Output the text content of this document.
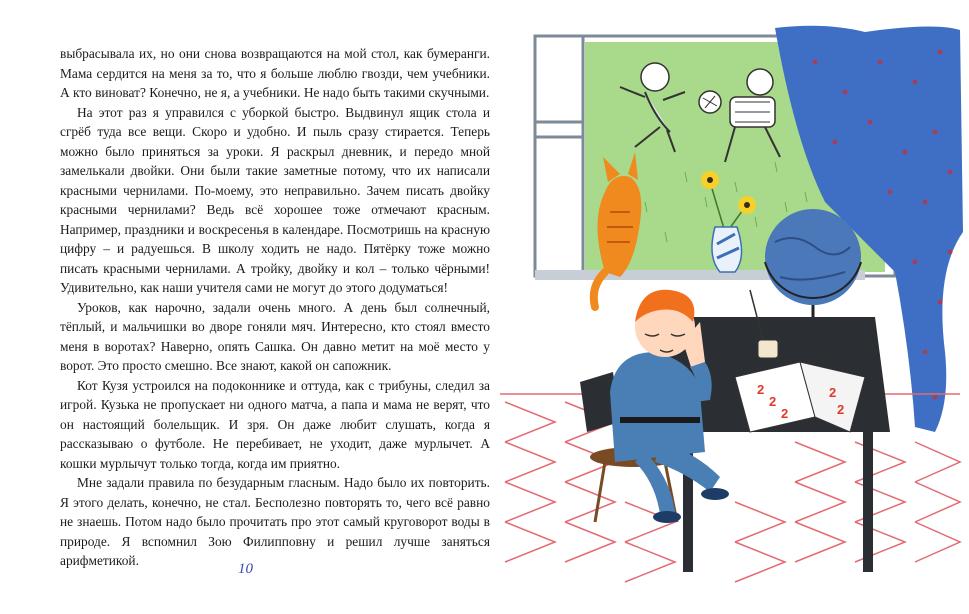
выбрасывала их, но они снова возвращаются на мой стол, как бумеранги. Мама сердится на меня за то, что я больше люблю гвозди, чем учебники. А кто виноват? Конечно, не я, а учебники. Не надо быть такими скучными.

На этот раз я управился с уборкой быстро. Выдвинул ящик стола и сгрёб туда все вещи. Скоро и удобно. И пыль сразу стирается. Теперь можно было приняться за уроки. Я раскрыл дневник, и передо мной замелькали двойки. Они были такие заметные потому, что их написали красными чернилами. По-моему, это неправильно. Зачем писать двойку красными чернилами? Ведь всё хорошее тоже отмечают красным. Например, праздники и воскресенья в календаре. Посмотришь на красную цифру – и радуешься. В школу ходить не надо. Пятёрку тоже можно писать красными чернилами. А тройку, двойку и кол – только чёрными! Удивительно, как наши учителя сами не могут до этого додуматься!

Уроков, как нарочно, задали очень много. А день был солнечный, тёплый, и мальчишки во дворе гоняли мяч. Интересно, кто стоял вместо меня в воротах? Наверно, опять Сашка. Он давно метит на моё место у ворот. Это просто смешно. Все знают, какой он сапожник.

Кот Кузя устроился на подоконнике и оттуда, как с трибуны, следил за игрой. Кузька не пропускает ни одного матча, а папа и мама не верят, что он настоящий болельщик. И зря. Он даже любит слушать, когда я рассказываю о футболе. Не перебивает, не уходит, даже мурлычет. А кошки мурлычут только тогда, когда им приятно.

Мне задали правила по безударным гласным. Надо было их повторить. Я этого делать, конечно, не стал. Бесполезно повторять то, чего всё равно не знаешь. Потом надо было прочитать про этот самый круговорот воды в природе. Я вспомнил Зою Филипповну и решил лучше заняться арифметикой.

10
2
2
2
2
2
